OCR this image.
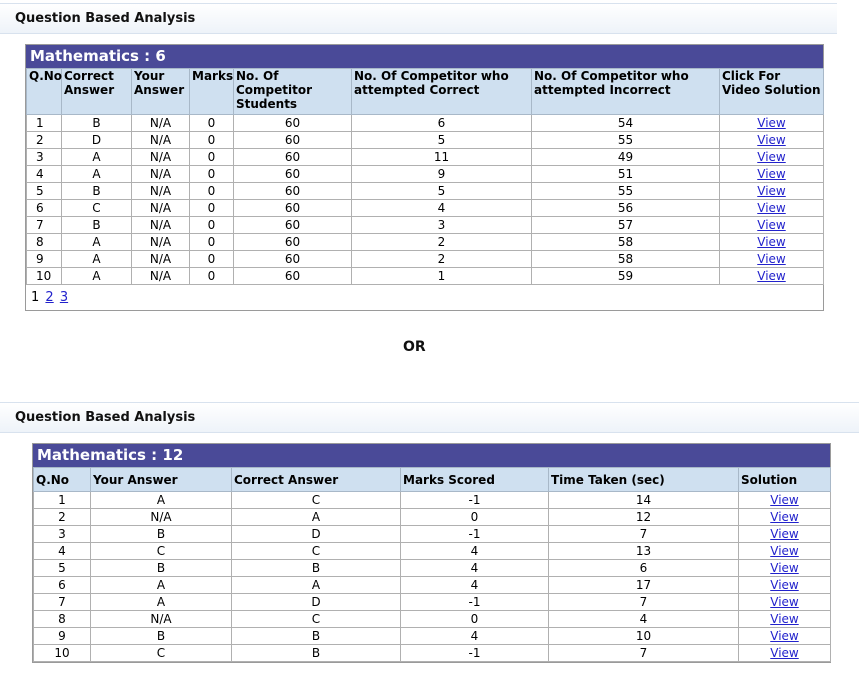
Question Based Analysis
Mathematics : 6
Q.No	Correct Answer	Your Answer	Marks	No. Of Competitor Students	No. Of Competitor who attempted Correct	No. Of Competitor who attempted Incorrect	Click For Video Solution
1	B	N/A	0	60	6	54	View
2	D	N/A	0	60	5	55	View
3	A	N/A	0	60	11	49	View
4	A	N/A	0	60	9	51	View
5	B	N/A	0	60	5	55	View
6	C	N/A	0	60	4	56	View
7	B	N/A	0	60	3	57	View
8	A	N/A	0	60	2	58	View
9	A	N/A	0	60	2	58	View
10	A	N/A	0	60	1	59	View
1 2 3
OR
Question Based Analysis
Mathematics : 12
Q.No	Your Answer	Correct Answer	Marks Scored	Time Taken (sec)	Solution
1	A	C	-1	14	View
2	N/A	A	0	12	View
3	B	D	-1	7	View
4	C	C	4	13	View
5	B	B	4	6	View
6	A	A	4	17	View
7	A	D	-1	7	View
8	N/A	C	0	4	View
9	B	B	4	10	View
10	C	B	-1	7	View
